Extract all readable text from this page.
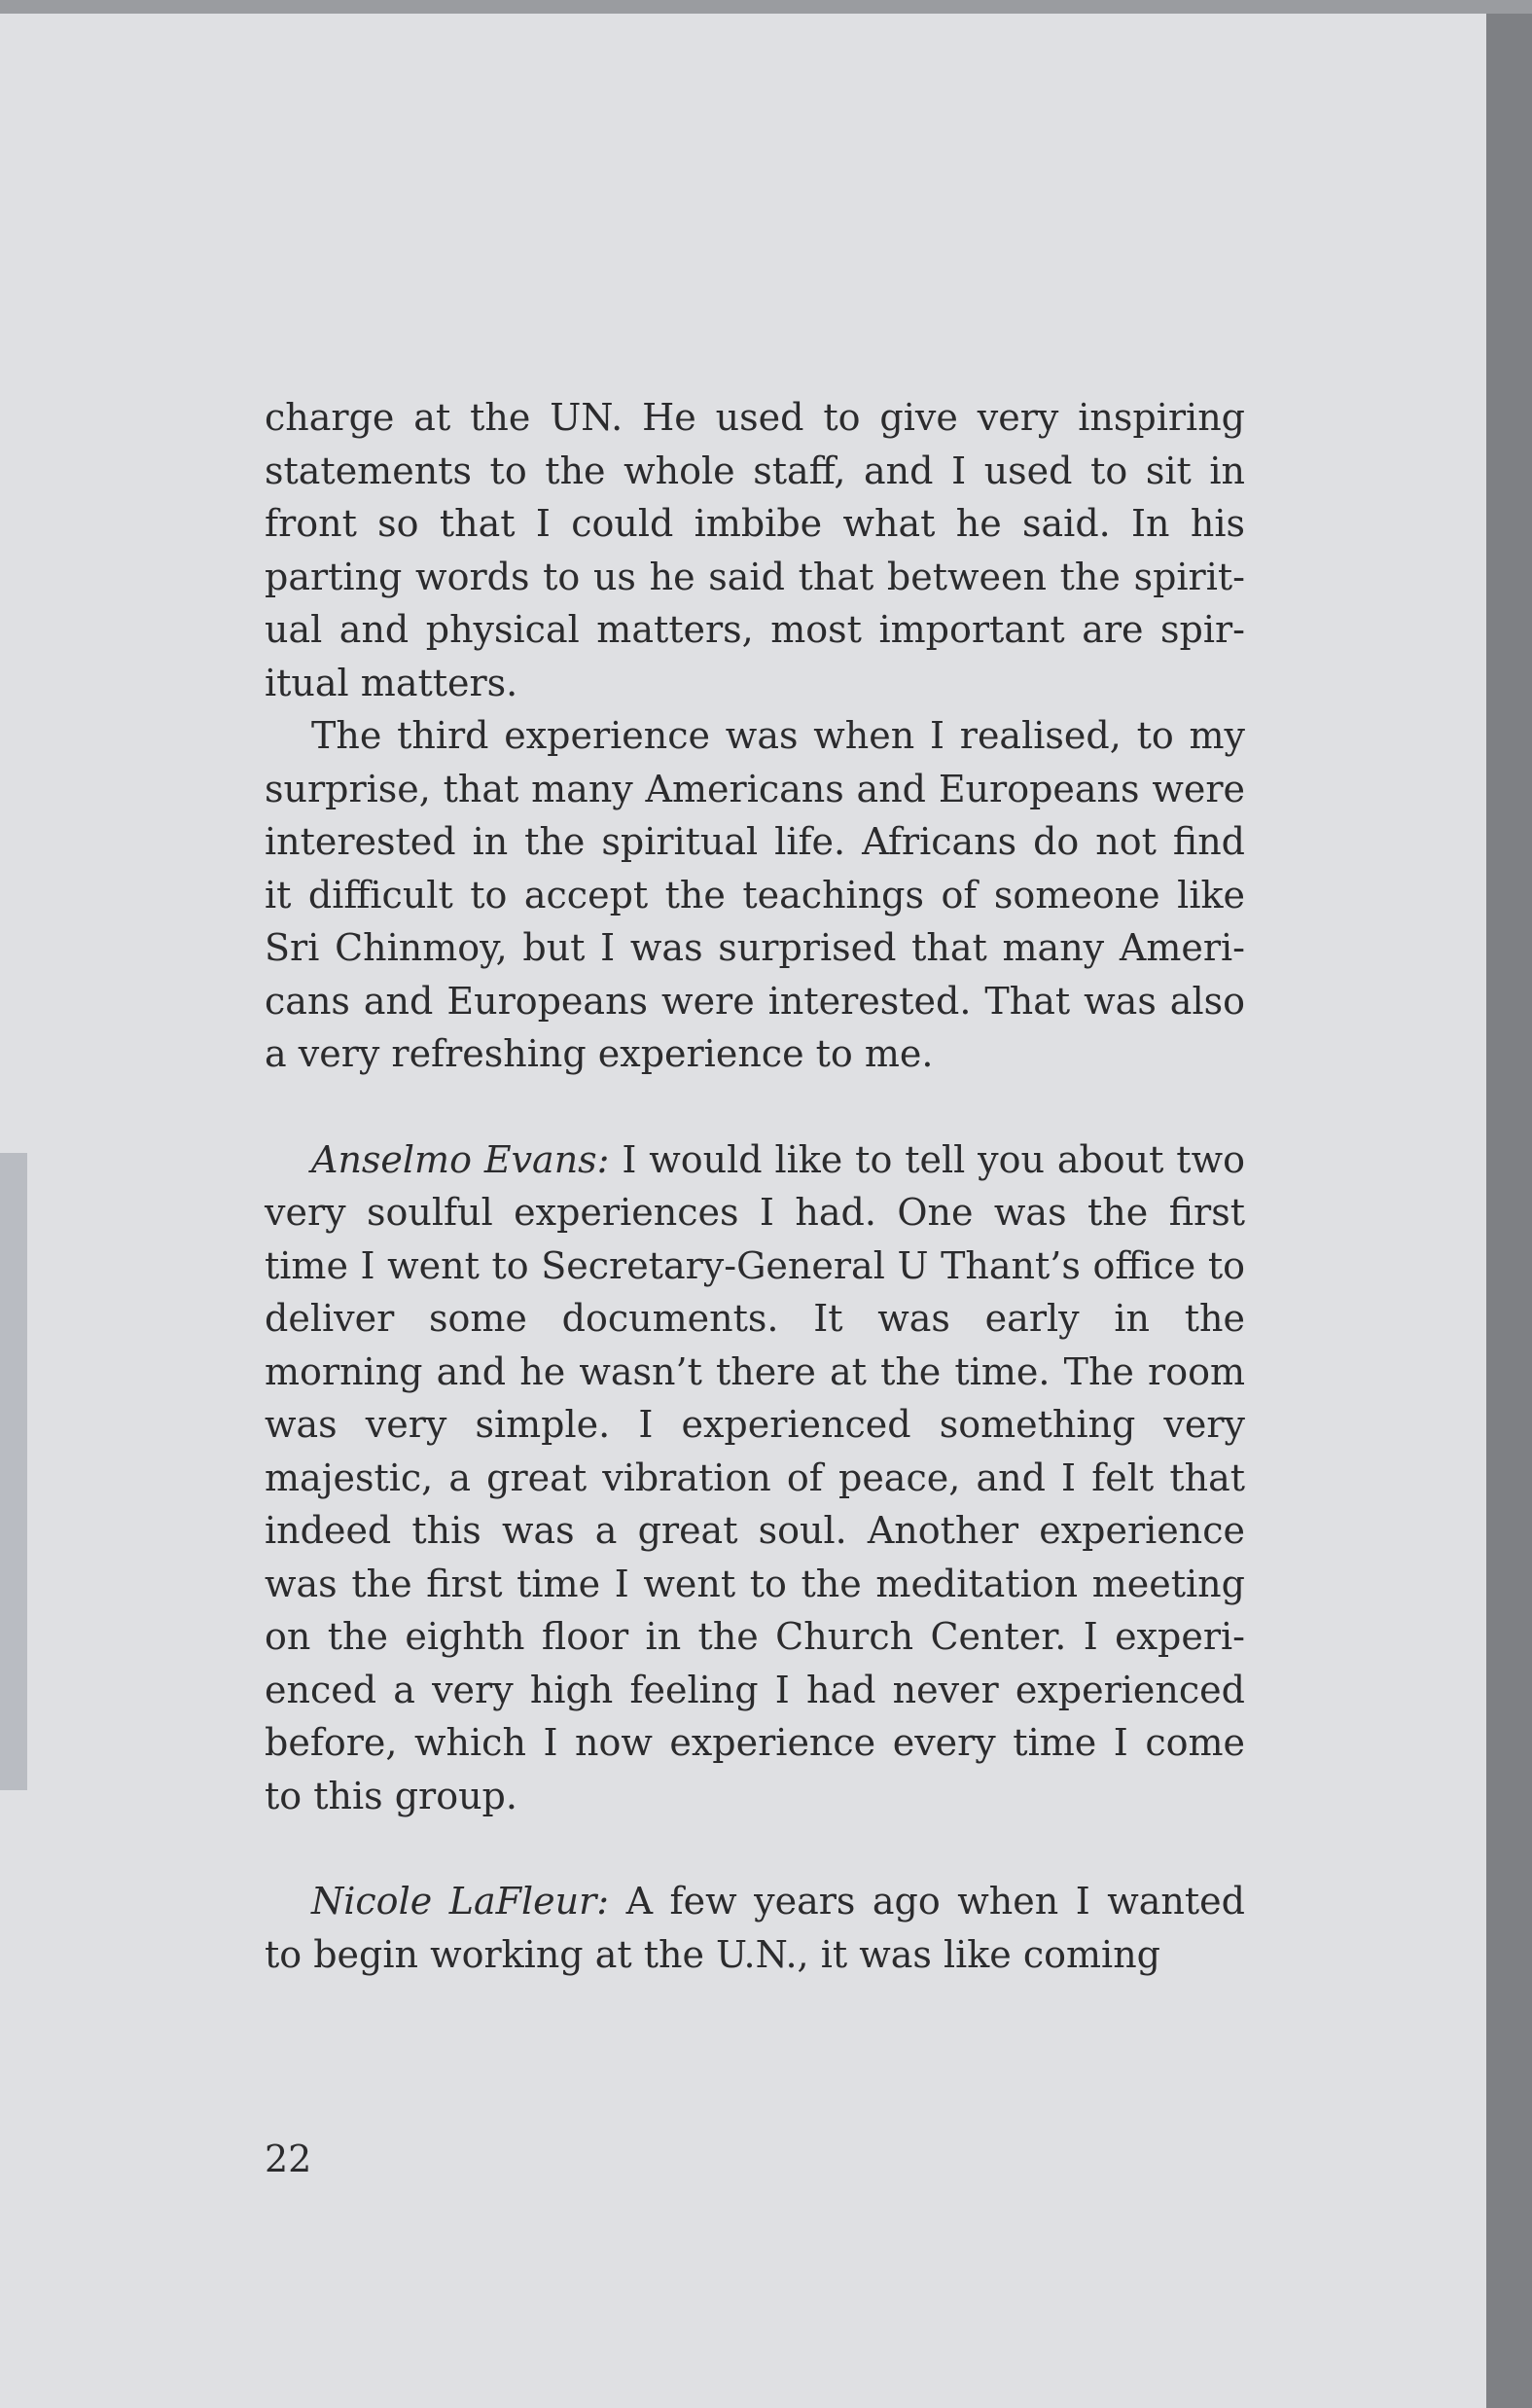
charge at the UN. He used to give very inspiring statements to the whole staff, and I used to sit in front so that I could imbibe what he said. In his parting words to us he said that between the spiritual and physical matters, most important are spiritual matters.

The third experience was when I realised, to my surprise, that many Americans and Europeans were interested in the spiritual life. Africans do not find it difficult to accept the teachings of someone like Sri Chinmoy, but I was surprised that many Americans and Europeans were interested. That was also a very refreshing experience to me.

Anselmo Evans: I would like to tell you about two very soulful experiences I had. One was the first time I went to Secretary-General U Thant’s office to deliver some documents. It was early in the morning and he wasn’t there at the time. The room was very simple. I experienced something very majestic, a great vibration of peace, and I felt that indeed this was a great soul. Another experience was the first time I went to the meditation meeting on the eighth floor in the Church Center. I experienced a very high feeling I had never experienced before, which I now experience every time I come to this group.

Nicole LaFleur: A few years ago when I wanted to begin working at the U.N., it was like coming

22
